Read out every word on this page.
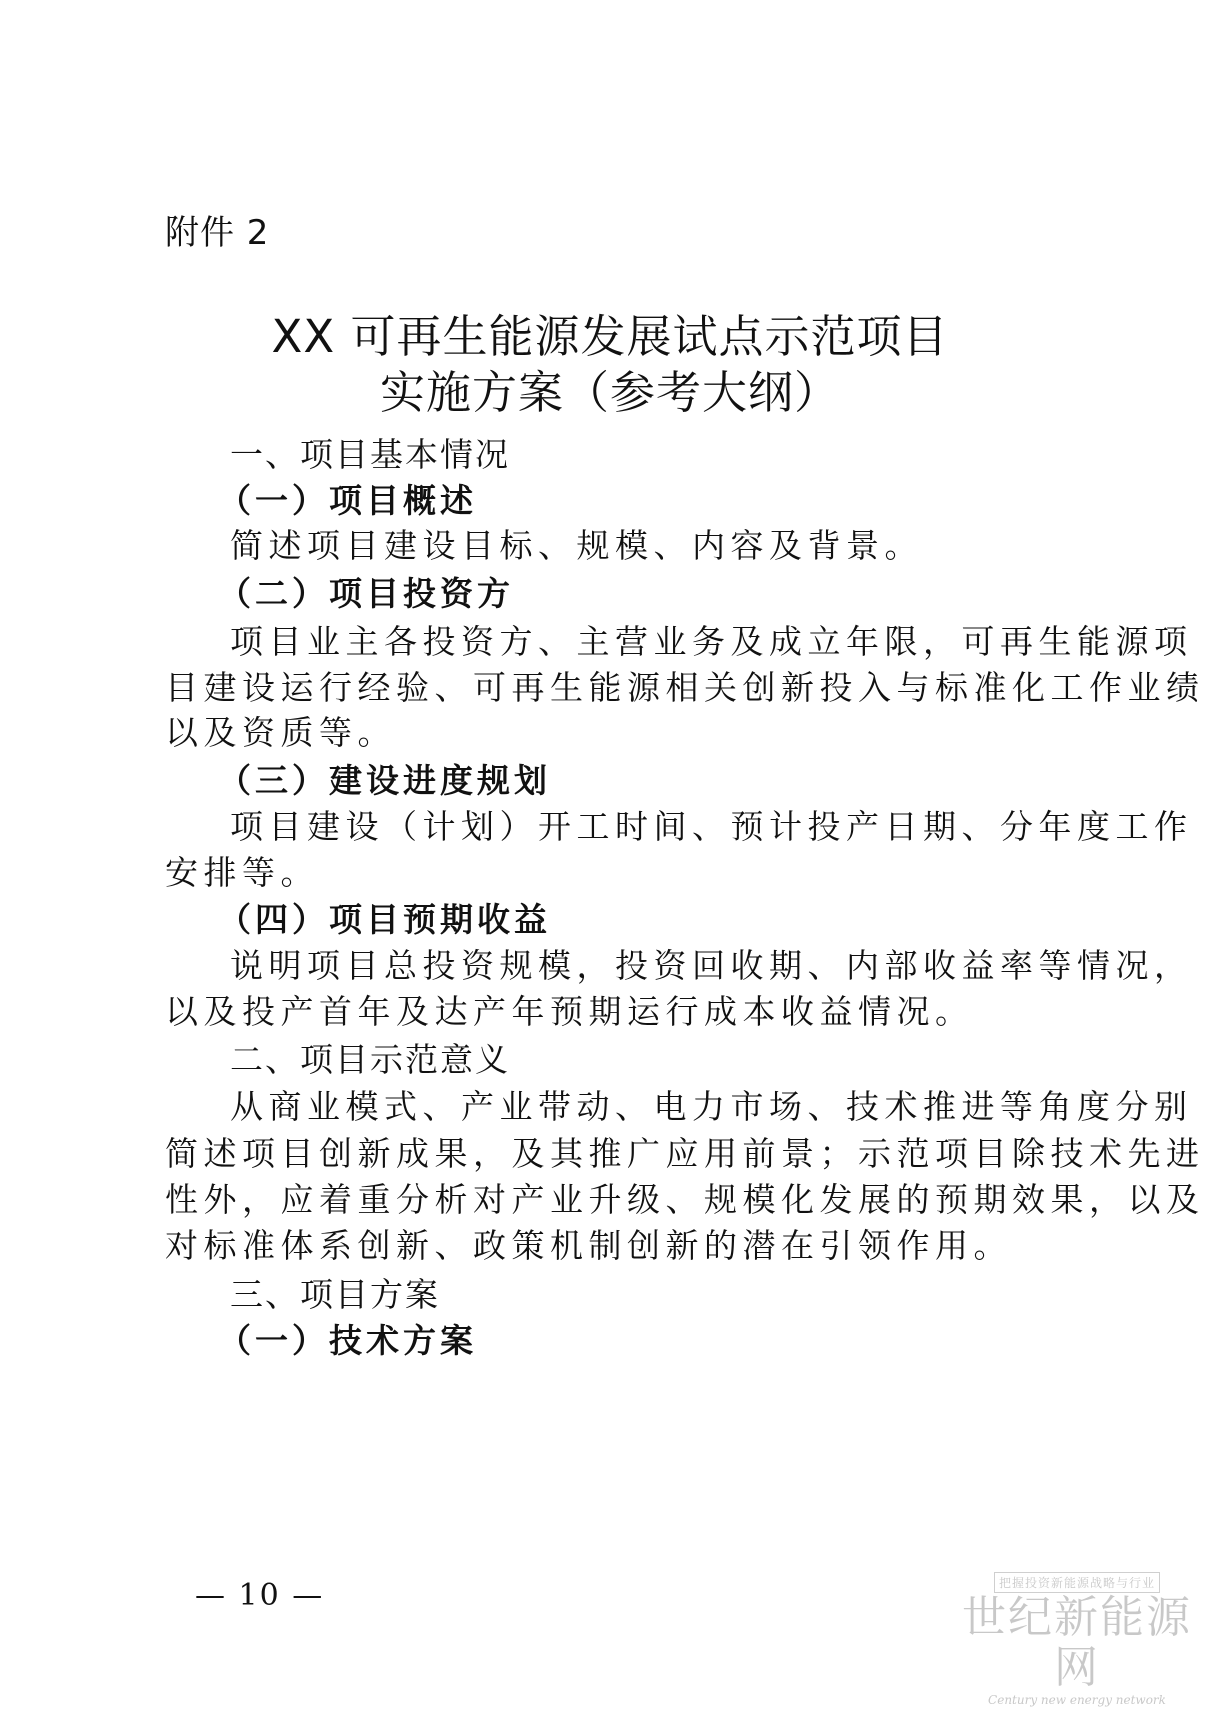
附件 2
XX 可再生能源发展试点示范项目
实施方案（参考大纲）
一、项目基本情况
（一）项目概述
简述项目建设目标、规模、内容及背景。
（二）项目投资方
项目业主各投资方、主营业务及成立年限，可再生能源项
目建设运行经验、可再生能源相关创新投入与标准化工作业绩
以及资质等。
（三）建设进度规划
项目建设（计划）开工时间、预计投产日期、分年度工作
安排等。
（四）项目预期收益
说明项目总投资规模，投资回收期、内部收益率等情况，
以及投产首年及达产年预期运行成本收益情况。
二、项目示范意义
从商业模式、产业带动、电力市场、技术推进等角度分别
简述项目创新成果，及其推广应用前景；示范项目除技术先进
性外，应着重分析对产业升级、规模化发展的预期效果，以及
对标准体系创新、政策机制创新的潜在引领作用。
三、项目方案
（一）技术方案
— 10 —	把握投资新能源战略与行业
世纪新能源网
Century new energy network
